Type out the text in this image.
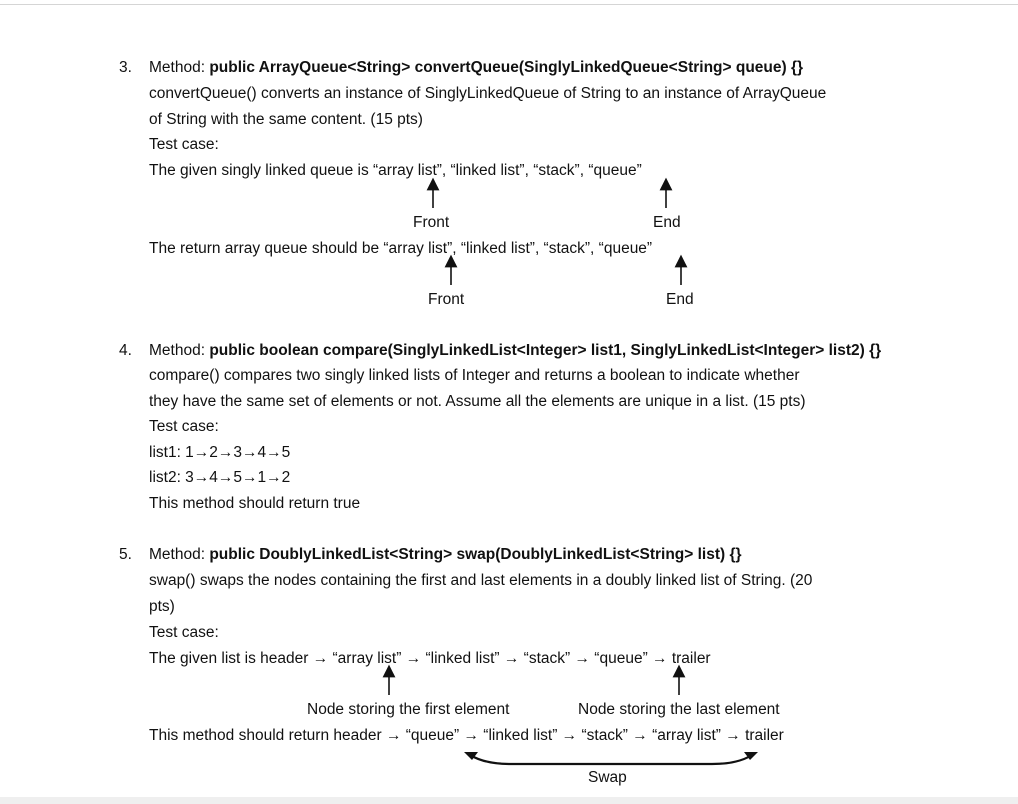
3. Method: public ArrayQueue<String> convertQueue(SinglyLinkedQueue<String> queue) {}
convertQueue() converts an instance of SinglyLinkedQueue of String to an instance of ArrayQueue
of String with the same content. (15 pts)
Test case:
The given singly linked queue is “array list”, “linked list”, “stack”, “queue”
Front	End
The return array queue should be “array list”, “linked list”, “stack”, “queue”
Front	End
4. Method: public boolean compare(SinglyLinkedList<Integer> list1, SinglyLinkedList<Integer> list2) {}
compare() compares two singly linked lists of Integer and returns a boolean to indicate whether
they have the same set of elements or not. Assume all the elements are unique in a list. (15 pts)
Test case:
list1: 1→2→3→4→5
list2: 3→4→5→1→2
This method should return true
5. Method: public DoublyLinkedList<String> swap(DoublyLinkedList<String> list) {}
swap() swaps the nodes containing the first and last elements in a doubly linked list of String. (20
pts)
Test case:
The given list is header → “array list” → “linked list” → “stack” → “queue” → trailer
Node storing the first element	Node storing the last element
This method should return header → “queue” → “linked list” → “stack” → “array list” → trailer
Swap
